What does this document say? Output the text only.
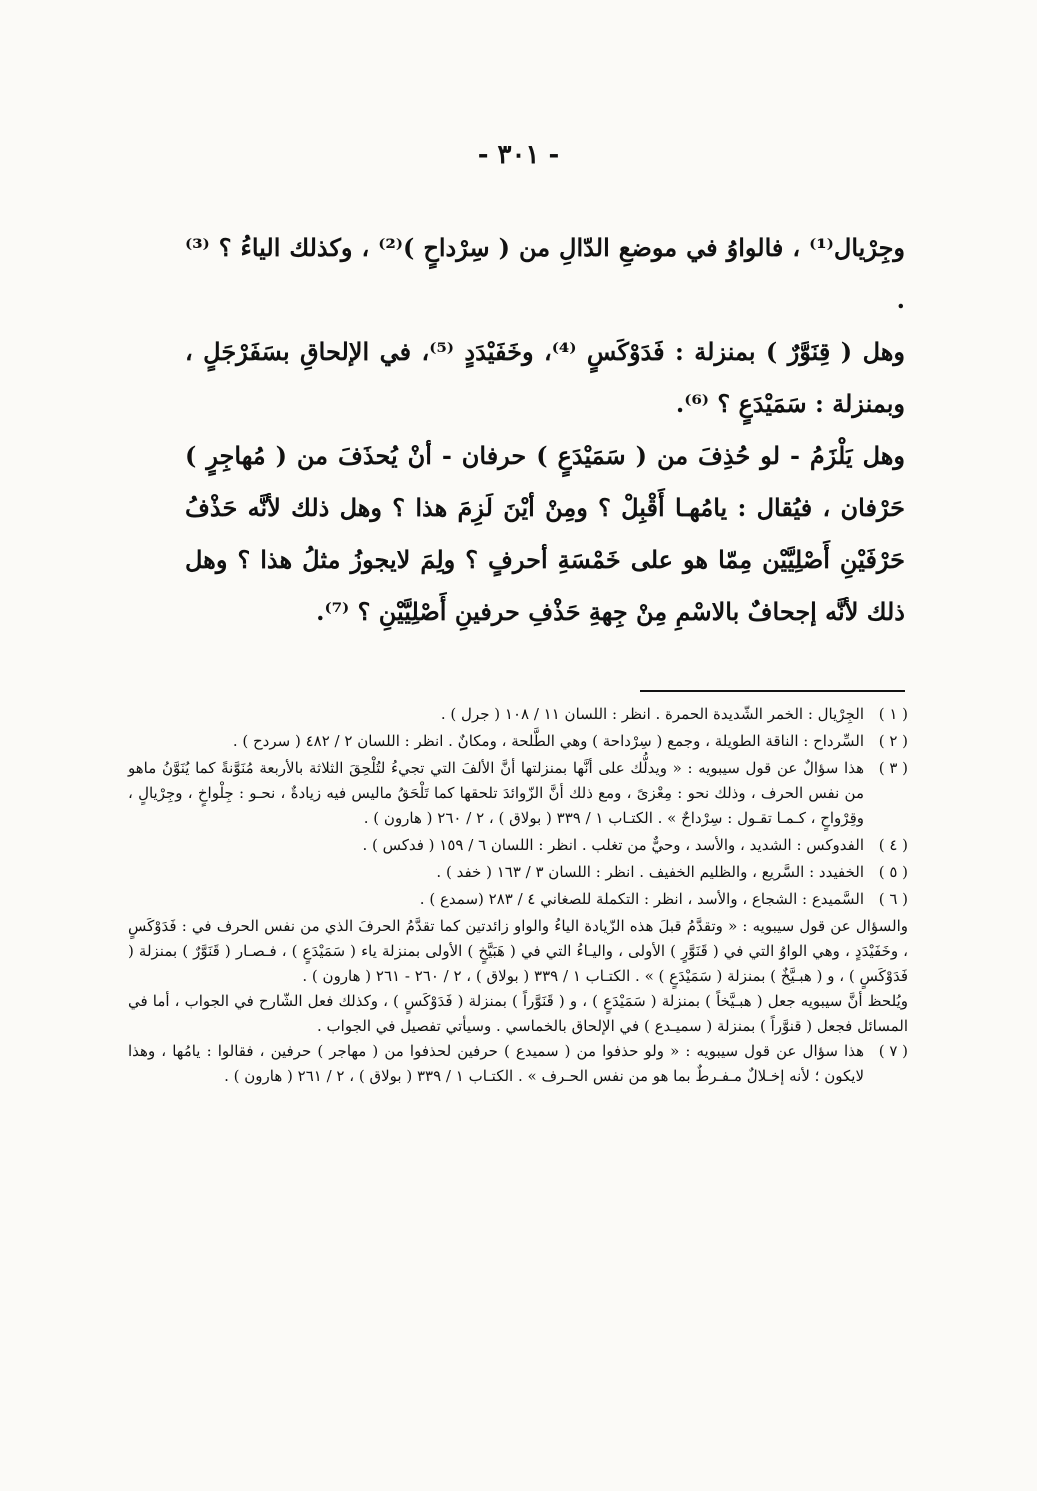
- ٣٠١ -

وجِرْيال⁽¹⁾ ، فالواوُ في موضعِ الدّالِ من ( سِرْداحٍ )⁽²⁾ ، وكذلك الياءُ ؟ ⁽³⁾ .

وهل ( قِنَوَّرٌ ) بمنزلة : فَدَوْكَسٍ ⁽⁴⁾، وخَفَيْدَدٍ ⁽⁵⁾، في الإلحاقِ بسَفَرْجَلٍ ، وبمنزلة : سَمَيْدَعٍ ؟ ⁽⁶⁾.

وهل يَلْزَمُ - لو حُذِفَ من ( سَمَيْدَعٍ ) حرفان - أنْ يُحذَفَ من ( مُهاجِرٍ ) حَرْفان ، فيُقال : يامُهـا أَقْبِلْ ؟ ومِنْ أيْنَ لَزِمَ هذا ؟ وهل ذلك لأنَّه حَذْفُ حَرْفَيْنِ أَصْلِيَّيْن مِمّا هو على خَمْسَةِ أحرفٍ ؟ ولِمَ لايجوزُ مثلُ هذا ؟ وهل ذلك لأنَّه إجحافٌ بالاسْمِ مِنْ جِهةِ حَذْفِ حرفينِ أَصْلِيَّيْنِ ؟ ⁽⁷⁾.

( ١ )
الجِرْيال : الخمر الشّديدة الحمرة . انظر : اللسان ١١ / ١٠٨ ( جرل ) .
( ٢ )
السِّرداح : الناقة الطويلة ، وجمع ( سِرْداحة ) وهي الطَّلحة ، ومكانٌ . انظر : اللسان ٢ / ٤٨٢ ( سردح ) .
( ٣ )
هذا سؤالٌ عن قول سيبويه : « ويدلُّك على أنَّها بمنزلتها أنَّ الألفَ التي تجيءُ لتُلْحِقَ الثلاثة بالأربعة مُنَوَّنةً كما يُنَوَّنُ ماهو من نفس الحرف ، وذلك نحو : مِعْزىً ، ومع ذلك أنَّ الزّوائدَ تلحقها كما تَلْحَقُ ماليس فيه زيادةٌ ، نحـو : جِلْواخٍ ، وجِرْيالٍ ، وقِرْواحٍ ، كـمـا تقـول : سِرْداحٌ » . الكتـاب ١ / ٣٣٩ ( بولاق ) ، ٢ / ٢٦٠ ( هارون ) .
( ٤ )
الفدوكس : الشديد ، والأسد ، وحيٌّ من تغلب . انظر : اللسان ٦ / ١٥٩ ( فدكس ) .
( ٥ )
الخفيدد : السَّريع ، والظليم الخفيف . انظر : اللسان ٣ / ١٦٣ ( خفد ) .
( ٦ )
السَّميدع : الشجاع ، والأسد ، انظر : التكملة للصغاني ٤ / ٢٨٣ (سمدع ) .
والسؤال عن قول سيبويه : « وتقدَّمُ قبلَ هذه الزّيادة الياءُ والواو زائدتين كما تقدَّمُ الحرفَ الذي من نفس الحرف في : فَدَوْكَسٍ ، وخَفَيْدَدٍ ، وهي الواوُ التي في ( قَنَوَّرٍ ) الأولى ، واليـاءُ التي في ( هَبَيَّخٍ ) الأولى بمنزلة ياء ( سَمَيْدَعٍ ) ، فـصـار ( قَنَوَّرٌ ) بمنزلة ( فَدَوْكَسٍ ) ، و ( هبـيَّخٌ ) بمنزلة ( سَمَيْدَعٍ ) » . الكتـاب ١ / ٣٣٩ ( بولاق ) ، ٢ / ٢٦٠ - ٢٦١ ( هارون ) .
ويُلحظ أنَّ سيبويه جعل ( هبـيَّخاً ) بمنزلة ( سَمَيْدَعٍ ) ، و ( قَنَوَّراً ) بمنزلة ( فَدَوْكَسٍ ) ، وكذلك فعل الشّارح في الجواب ، أما في المسائل فجعل ( قنوَّراً ) بمنزلة ( سميـدع ) في الإلحاق بالخماسي . وسيأتي تفصيل في الجواب .
( ٧ )
هذا سؤال عن قول سيبويه : « ولو حذفوا من ( سميدع ) حرفين لحذفوا من ( مهاجر ) حرفين ، فقالوا : يامُها ، وهذا لايكون ؛ لأنه إخـلالٌ مـفـرطٌ بما هو من نفس الحـرف » . الكتـاب ١ / ٣٣٩ ( بولاق ) ، ٢ / ٢٦١ ( هارون ) .
